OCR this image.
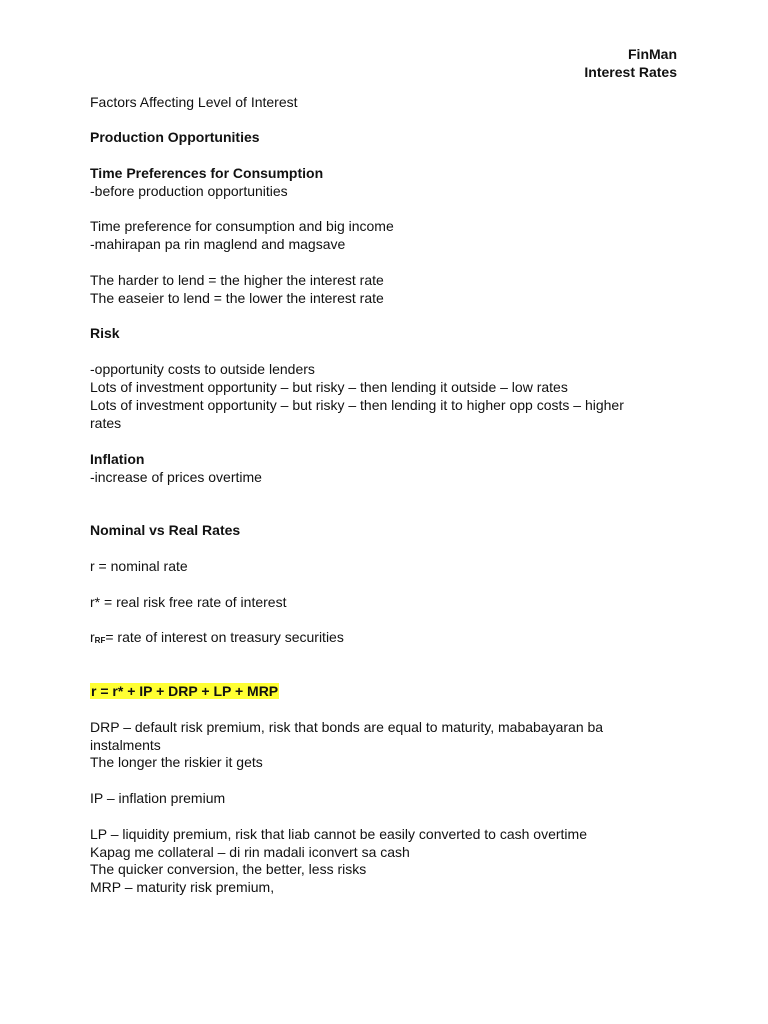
FinMan
Interest Rates
Factors Affecting Level of Interest
Production Opportunities
Time Preferences for Consumption
-before production opportunities
Time preference for consumption and big income
-mahirapan pa rin maglend and magsave
The harder to lend = the higher the interest rate
The easeier to lend = the lower the interest rate
Risk
-opportunity costs to outside lenders
Lots of investment opportunity – but risky – then lending it outside – low rates
Lots of investment opportunity – but risky – then lending it to higher opp costs – higher
rates
Inflation
-increase of prices overtime
Nominal vs Real Rates
r = nominal rate
r* = real risk free rate of interest
$r_{RF}=$ rate of interest on treasury securities
r = r* + IP + DRP + LP + MRP
DRP – default risk premium, risk that bonds are equal to maturity, mababayaran ba
instalments
The longer the riskier it gets
IP – inflation premium
LP – liquidity premium, risk that liab cannot be easily converted to cash overtime
Kapag me collateral – di rin madali iconvert sa cash
The quicker conversion, the better, less risks
MRP – maturity risk premium,
